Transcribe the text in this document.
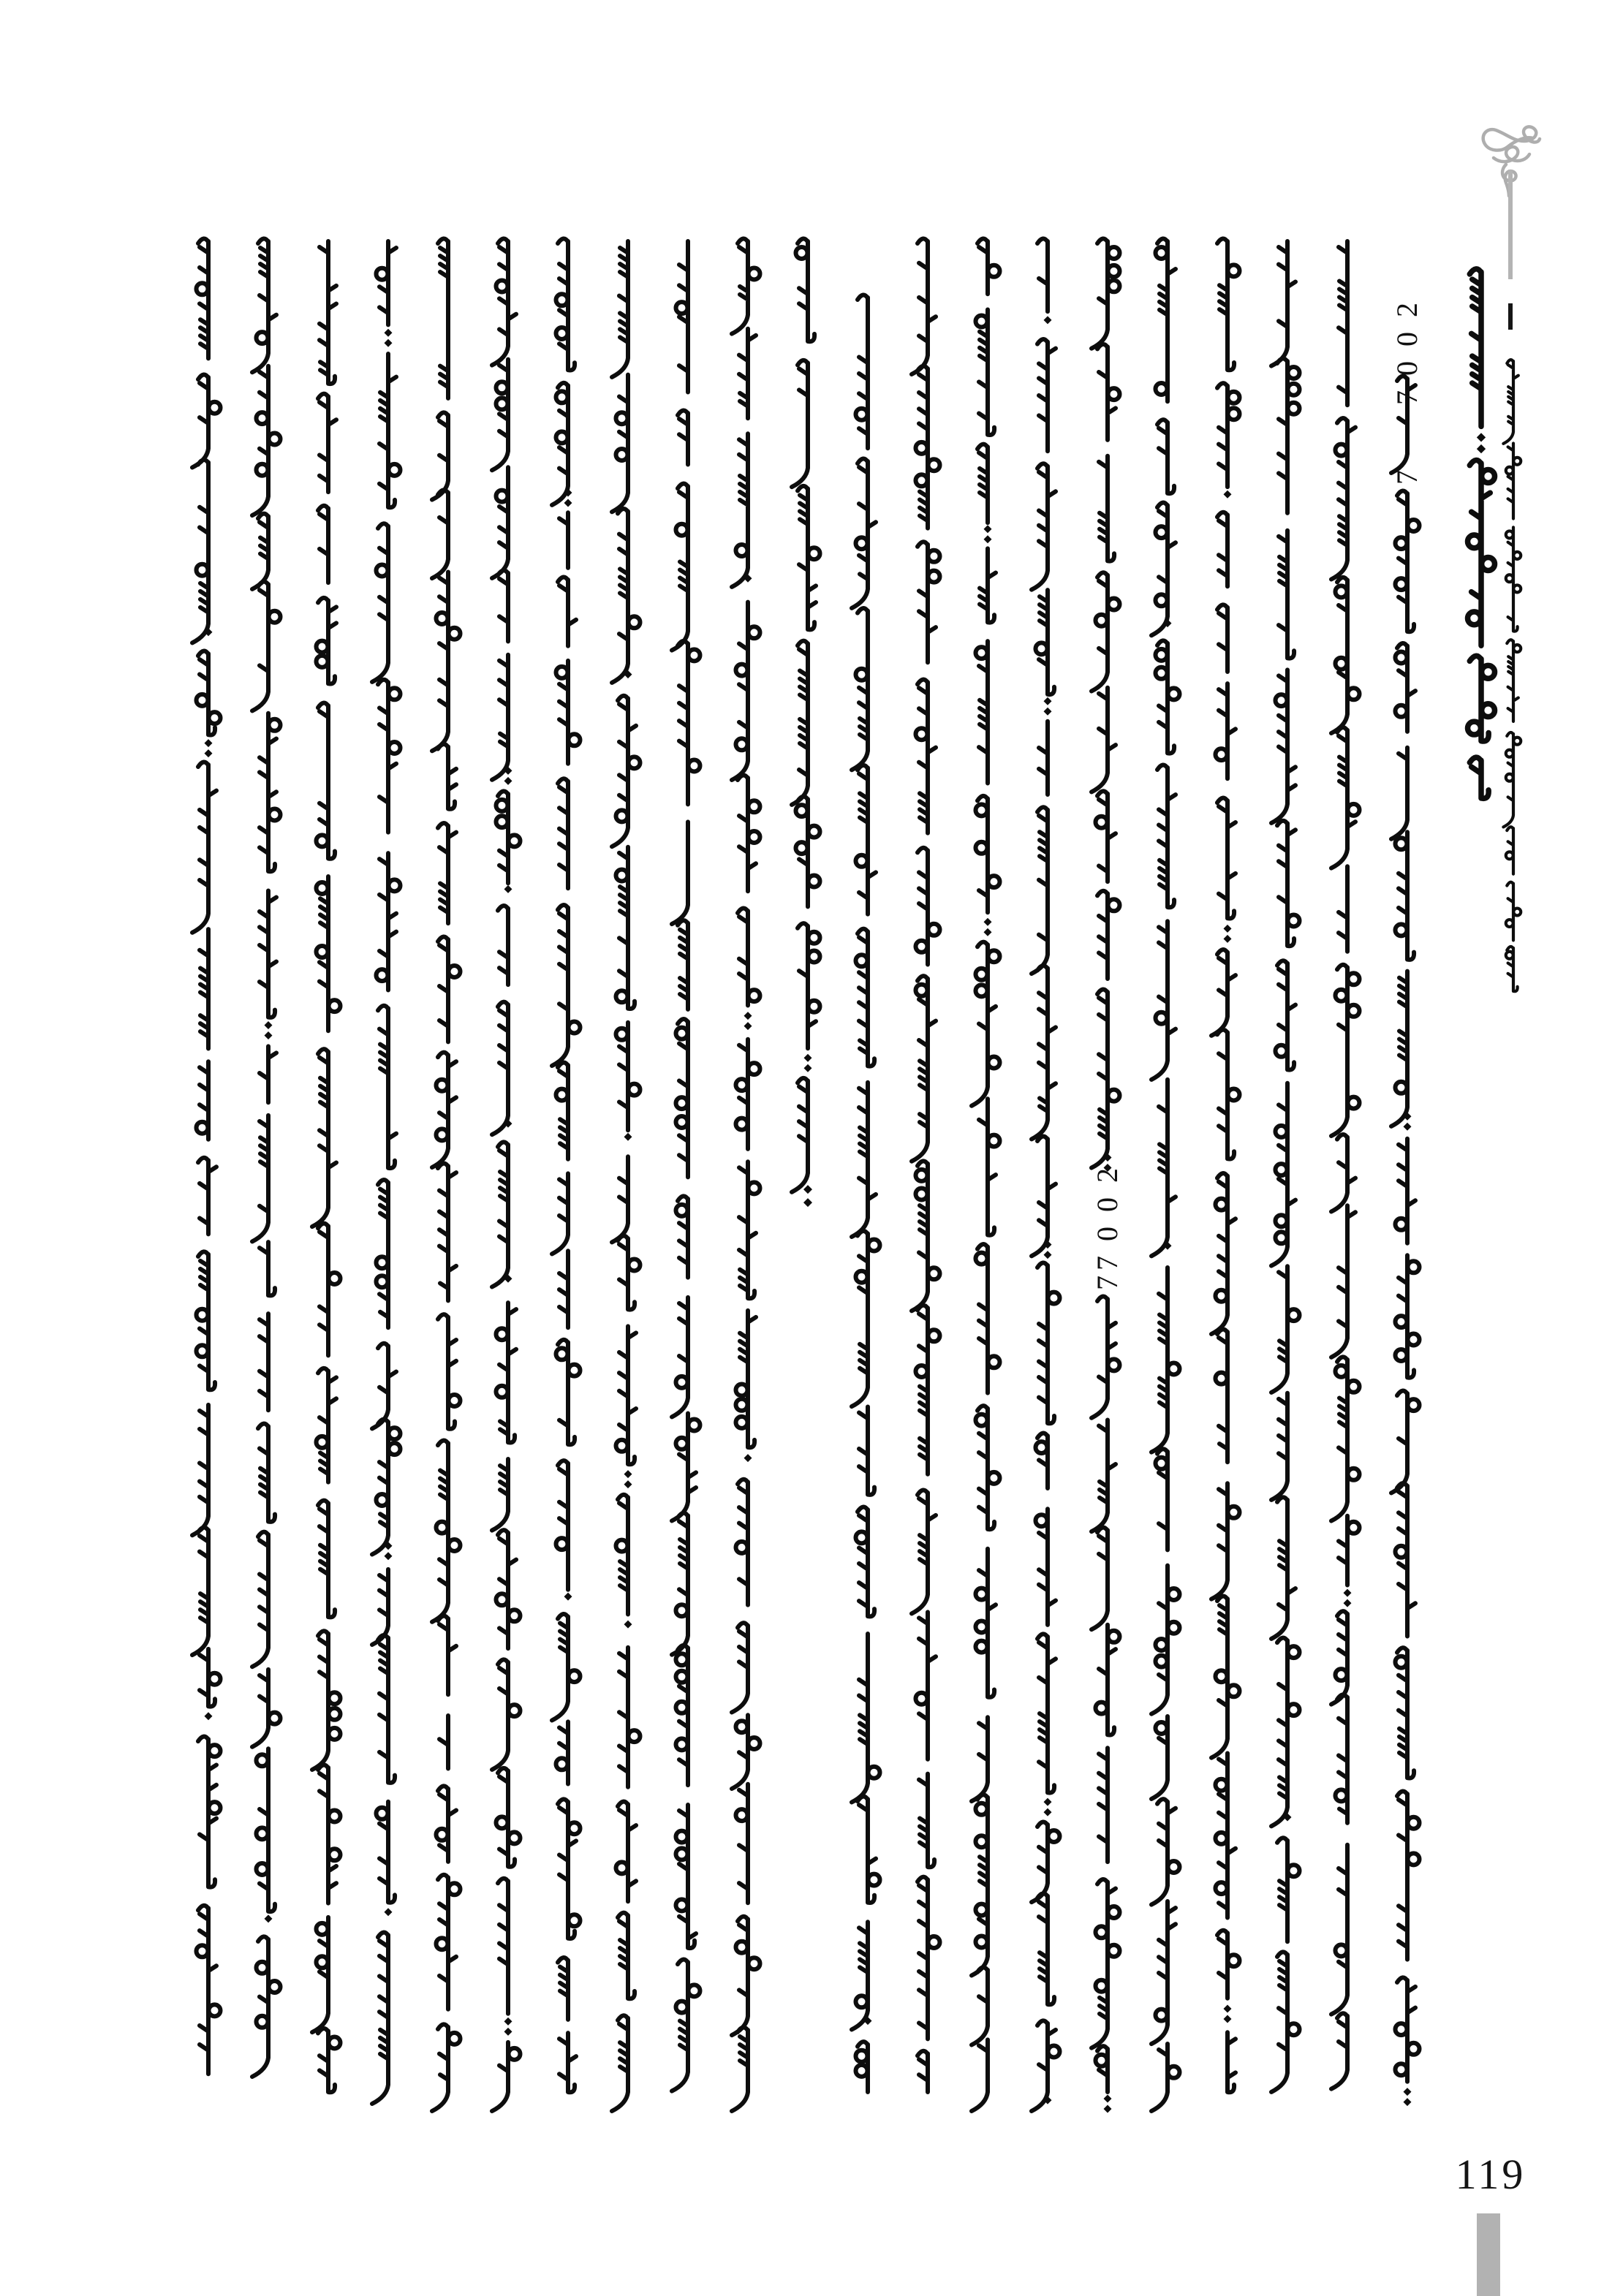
2
0
0
7
7
2
0
0
7
7
119
